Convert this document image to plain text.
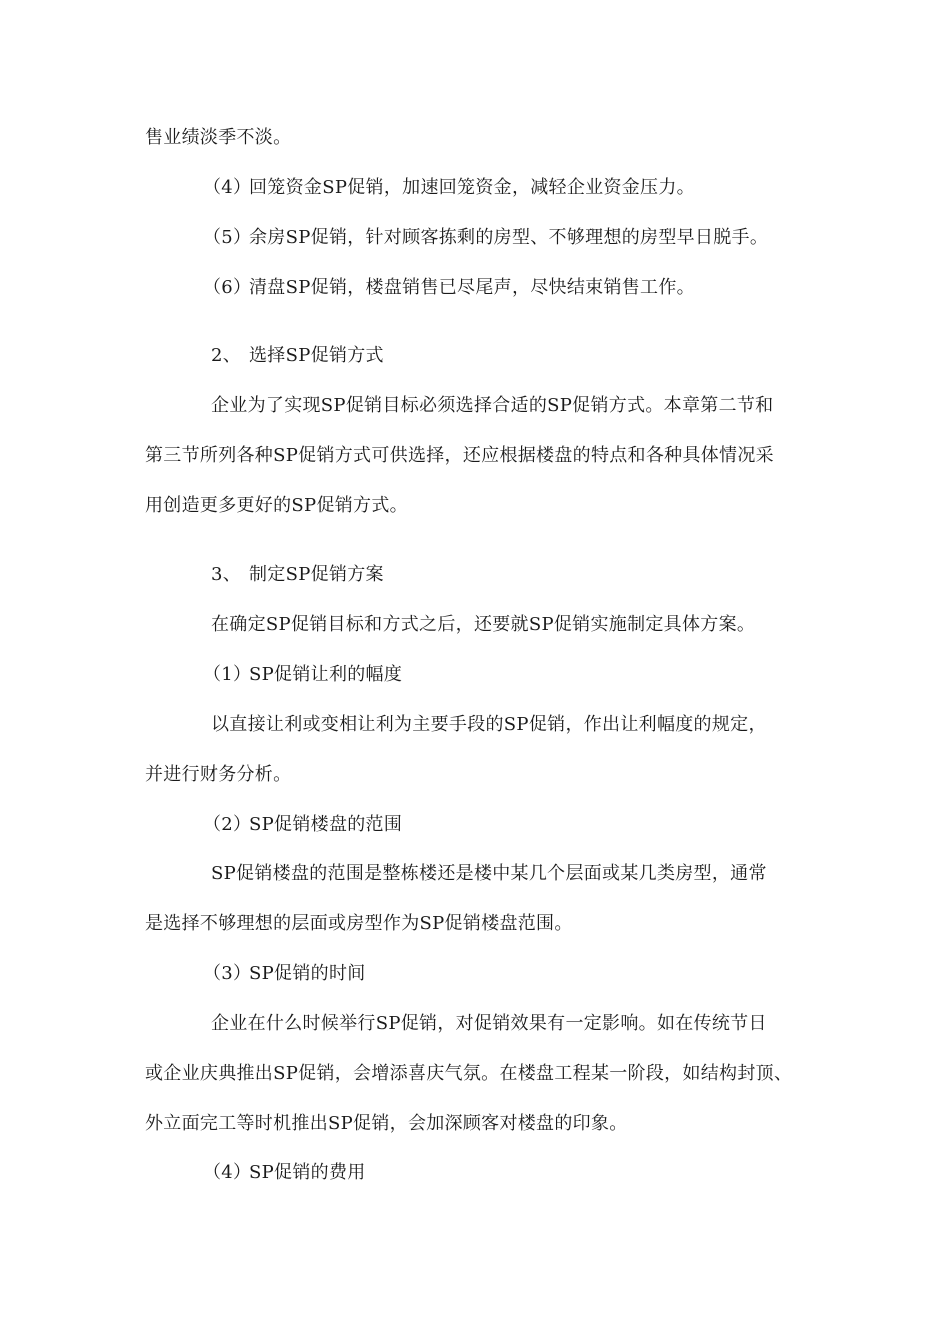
售业绩淡季不淡。
（4）回笼资金SP促销，加速回笼资金，减轻企业资金压力。
（5）余房SP促销，针对顾客拣剩的房型、不够理想的房型早日脱手。
（6）清盘SP促销，楼盘销售已尽尾声，尽快结束销售工作。
2、 选择SP促销方式
企业为了实现SP促销目标必须选择合适的SP促销方式。本章第二节和
第三节所列各种SP促销方式可供选择，还应根据楼盘的特点和各种具体情况采
用创造更多更好的SP促销方式。
3、 制定SP促销方案
在确定SP促销目标和方式之后，还要就SP促销实施制定具体方案。
（1）SP促销让利的幅度
以直接让利或变相让利为主要手段的SP促销，作出让利幅度的规定，
并进行财务分析。
（2）SP促销楼盘的范围
SP促销楼盘的范围是整栋楼还是楼中某几个层面或某几类房型，通常
是选择不够理想的层面或房型作为SP促销楼盘范围。
（3）SP促销的时间
企业在什么时候举行SP促销，对促销效果有一定影响。如在传统节日
或企业庆典推出SP促销，会增添喜庆气氛。在楼盘工程某一阶段，如结构封顶、
外立面完工等时机推出SP促销，会加深顾客对楼盘的印象。
（4）SP促销的费用
